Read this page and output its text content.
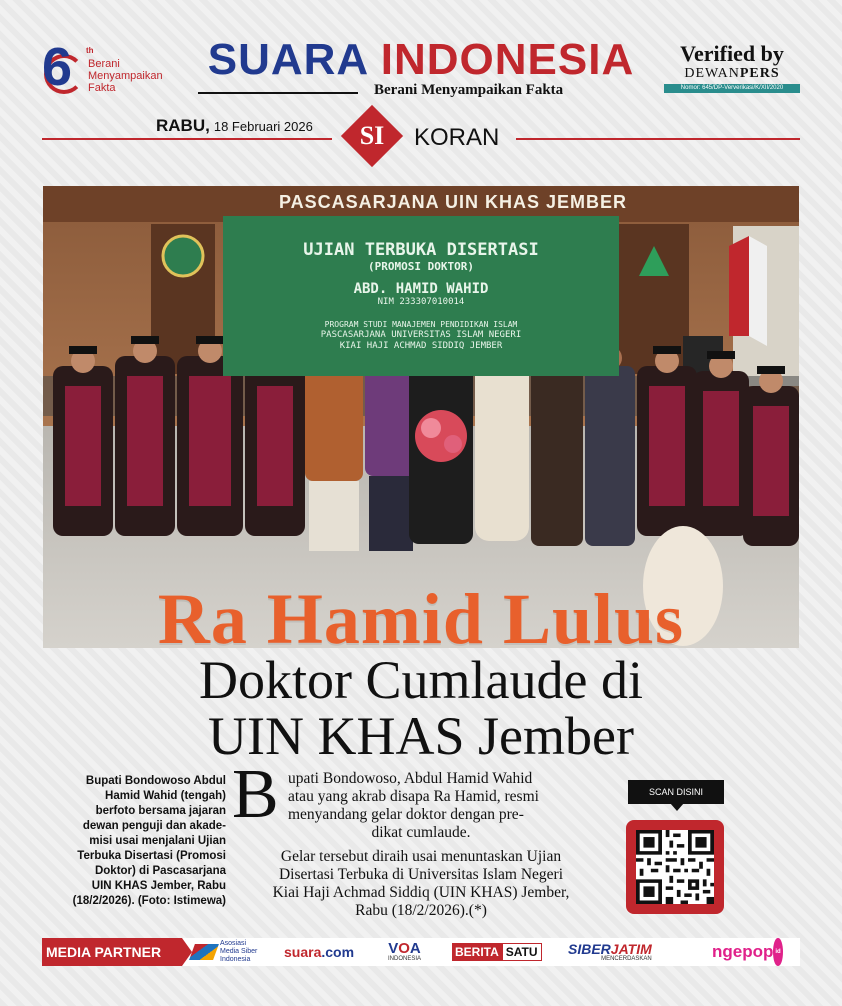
6 th
Berani
Menyampaikan
Fakta
SUARA INDONESIA
Berani Menyampaikan Fakta
Verified by
DEWANPERS
Nomor: 645/DP-Ververikasi/K/XII/2020
RABU, 18 Februari 2026	SI	KORAN
PASCASARJANA UIN KHAS JEMBER
UJIAN TERBUKA DISERTASI
(PROMOSI DOKTOR)
ABD. HAMID WAHID
NIM 233307010014
PROGRAM STUDI MANAJEMEN PENDIDIKAN ISLAM
PASCASARJANA UNIVERSITAS ISLAM NEGERI
KIAI HAJI ACHMAD SIDDIQ JEMBER
Ra Hamid Lulus
Doktor Cumlaude di
UIN KHAS Jember
Bupati Bondowoso Abdul
Hamid Wahid (tengah)
berfoto bersama jajaran
dewan penguji dan akade-
misi usai menjalani Ujian
Terbuka Disertasi (Promosi
Doktor) di Pascasarjana
UIN KHAS Jember, Rabu
(18/2/2026). (Foto: Istimewa)
B upati Bondowoso, Abdul Hamid Wahid
atau yang akrab disapa Ra Hamid, resmi
menyandang gelar doktor dengan pre-
dikat cumlaude.
Gelar tersebut diraih usai menuntaskan Ujian
Disertasi Terbuka di Universitas Islam Negeri
Kiai Haji Achmad Siddiq (UIN KHAS) Jember,
Rabu (18/2/2026).(*)
SCAN DISINI
MEDIA PARTNER
Asosiasi
Media Siber
Indonesia	suara .com VOA
INDONESIA	BERITA SATU SIBERJATIM
MENCERDASKAN	nge pop id
